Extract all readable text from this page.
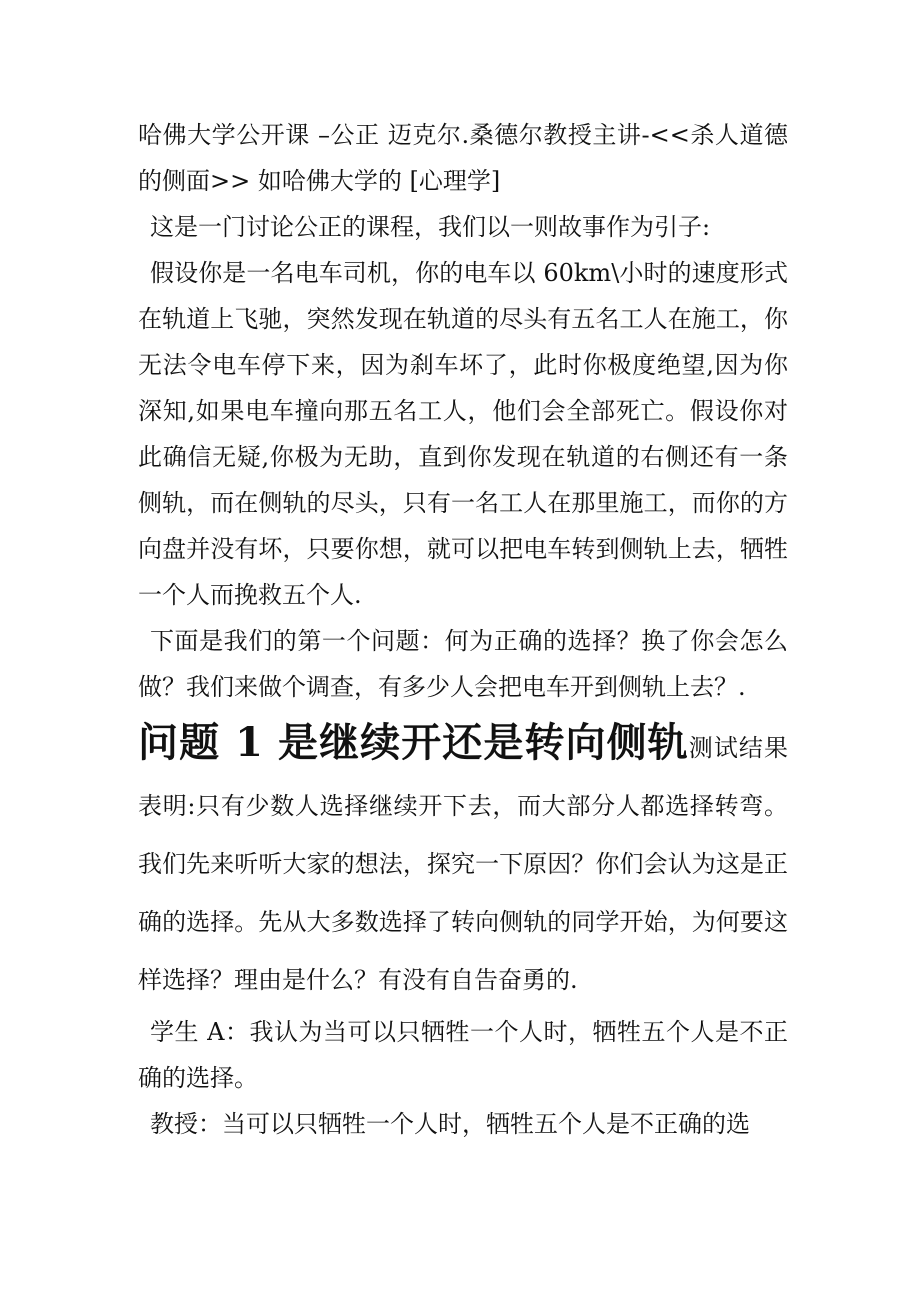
哈佛大学公开课 –公正 迈克尔.桑德尔教授主讲-<<杀人道德的侧面>> 如哈佛大学的 [心理学]

这是一门讨论公正的课程，我们以一则故事作为引子:

假设你是一名电车司机，你的电车以 60km\小时的速度形式在轨道上飞驰，突然发现在轨道的尽头有五名工人在施工，你无法令电车停下来，因为刹车坏了，此时你极度绝望,因为你深知,如果电车撞向那五名工人，他们会全部死亡。假设你对此确信无疑,你极为无助，直到你发现在轨道的右侧还有一条侧轨，而在侧轨的尽头，只有一名工人在那里施工，而你的方向盘并没有坏，只要你想，就可以把电车转到侧轨上去，牺牲一个人而挽救五个人.

下面是我们的第一个问题：何为正确的选择？换了你会怎么做？我们来做个调查，有多少人会把电车开到侧轨上去？.

问题 1 是继续开还是转向侧轨测试结果表明:只有少数人选择继续开下去，而大部分人都选择转弯。我们先来听听大家的想法，探究一下原因？你们会认为这是正确的选择。先从大多数选择了转向侧轨的同学开始，为何要这样选择？理由是什么？有没有自告奋勇的.

学生 A：我认为当可以只牺牲一个人时，牺牲五个人是不正确的选择。

教授：当可以只牺牲一个人时，牺牲五个人是不正确的选
